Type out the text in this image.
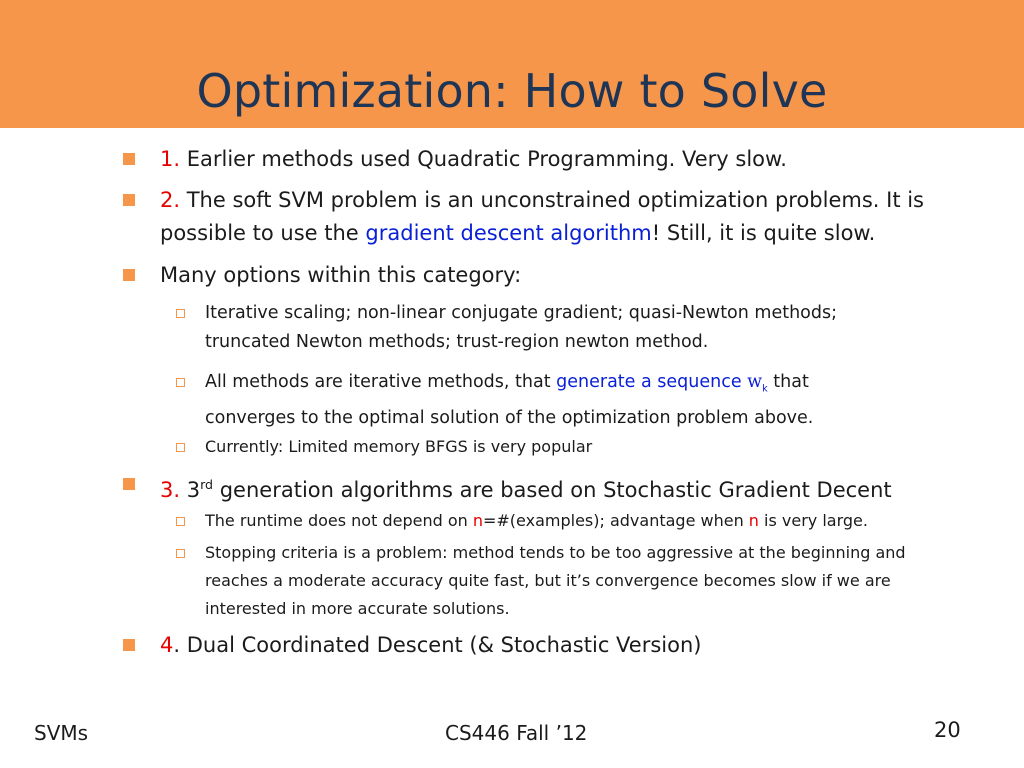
Optimization: How to Solve
1. Earlier methods used Quadratic Programming. Very slow.
2. The soft SVM problem is an unconstrained optimization problems. It is
possible to use the gradient descent algorithm! Still, it is quite slow.
Many options within this category:
Iterative scaling; non-linear conjugate gradient; quasi-Newton methods;
truncated Newton methods; trust-region newton method.
All methods are iterative methods, that generate a sequence $w_k$ that
converges to the optimal solution of the optimization problem above.
Currently: Limited memory BFGS is very popular
3. 3rd generation algorithms are based on Stochastic Gradient Decent
The runtime does not depend on n=#(examples); advantage when n is very large.
Stopping criteria is a problem: method tends to be too aggressive at the beginning and
reaches a moderate accuracy quite fast, but it’s convergence becomes slow if we are
interested in more accurate solutions.
4. Dual Coordinated Descent (& Stochastic Version)
SVMs	CS446 Fall ’12	20
